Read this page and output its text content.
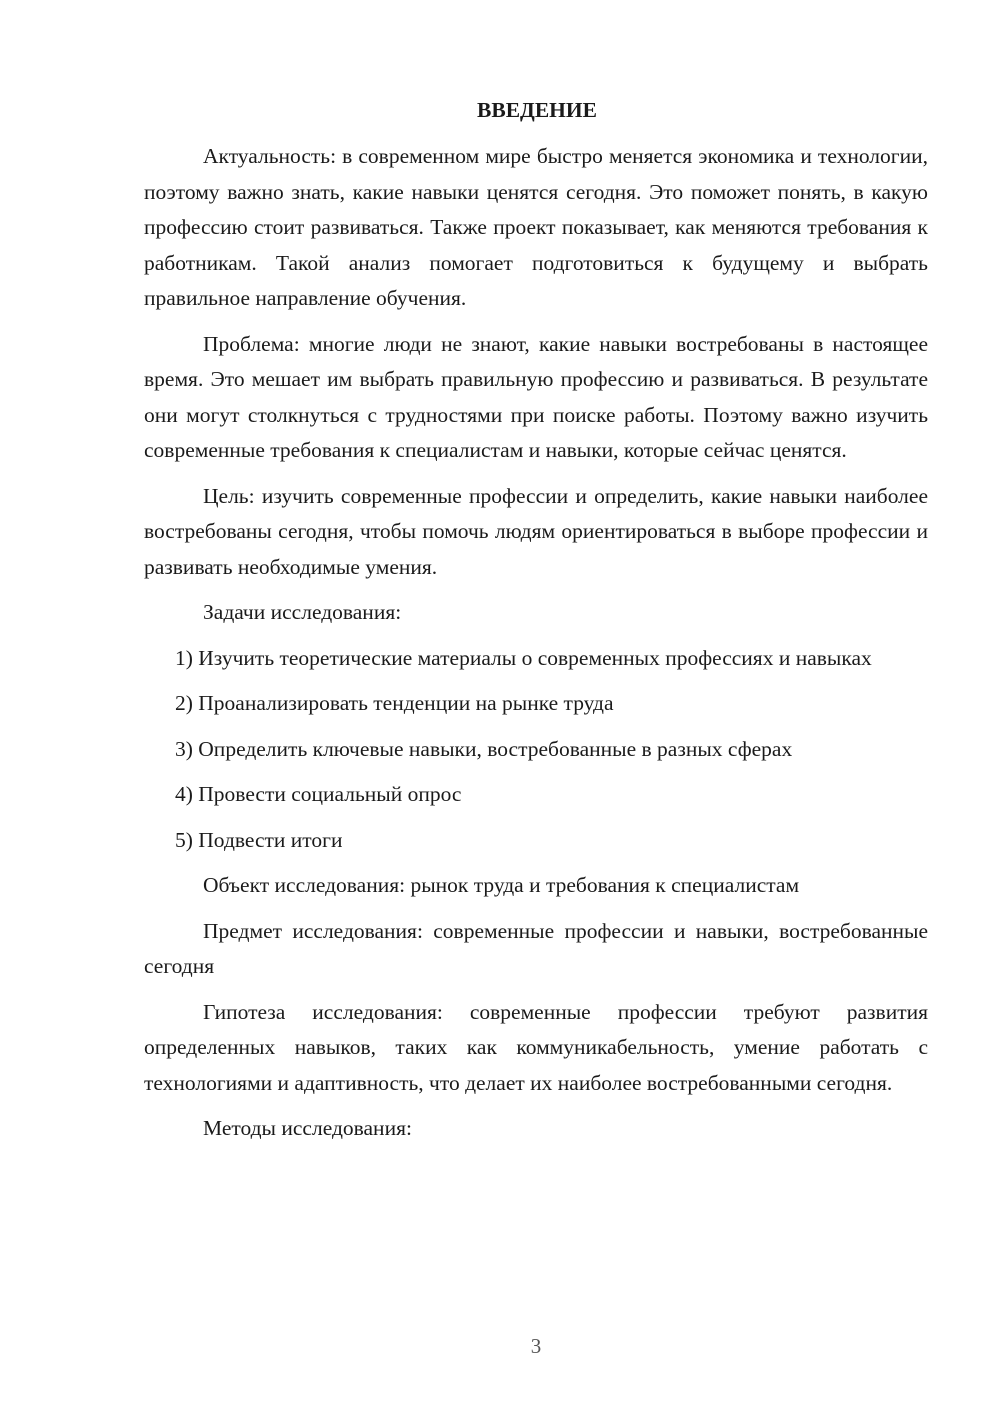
ВВЕДЕНИЕ

Актуальность: в современном мире быстро меняется экономика и технологии, поэтому важно знать, какие навыки ценятся сегодня. Это поможет понять, в какую профессию стоит развиваться. Также проект показывает, как меняются требования к работникам. Такой анализ помогает подготовиться к будущему и выбрать правильное направление обучения.

Проблема: многие люди не знают, какие навыки востребованы в настоящее время. Это мешает им выбрать правильную профессию и развиваться. В результате они могут столкнуться с трудностями при поиске работы. Поэтому важно изучить современные требования к специалистам и навыки, которые сейчас ценятся.

Цель: изучить современные профессии и определить, какие навыки наиболее востребованы сегодня, чтобы помочь людям ориентироваться в выборе профессии и развивать необходимые умения.

Задачи исследования:

1) Изучить теоретические материалы о современных профессиях и навыках

2) Проанализировать тенденции на рынке труда

3) Определить ключевые навыки, востребованные в разных сферах

4) Провести социальный опрос

5) Подвести итоги

Объект исследования: рынок труда и требования к специалистам

Предмет исследования: современные профессии и навыки, востребованные сегодня

Гипотеза исследования: современные профессии требуют развития определенных навыков, таких как коммуникабельность, умение работать с технологиями и адаптивность, что делает их наиболее востребованными сегодня.

Методы исследования:

3
